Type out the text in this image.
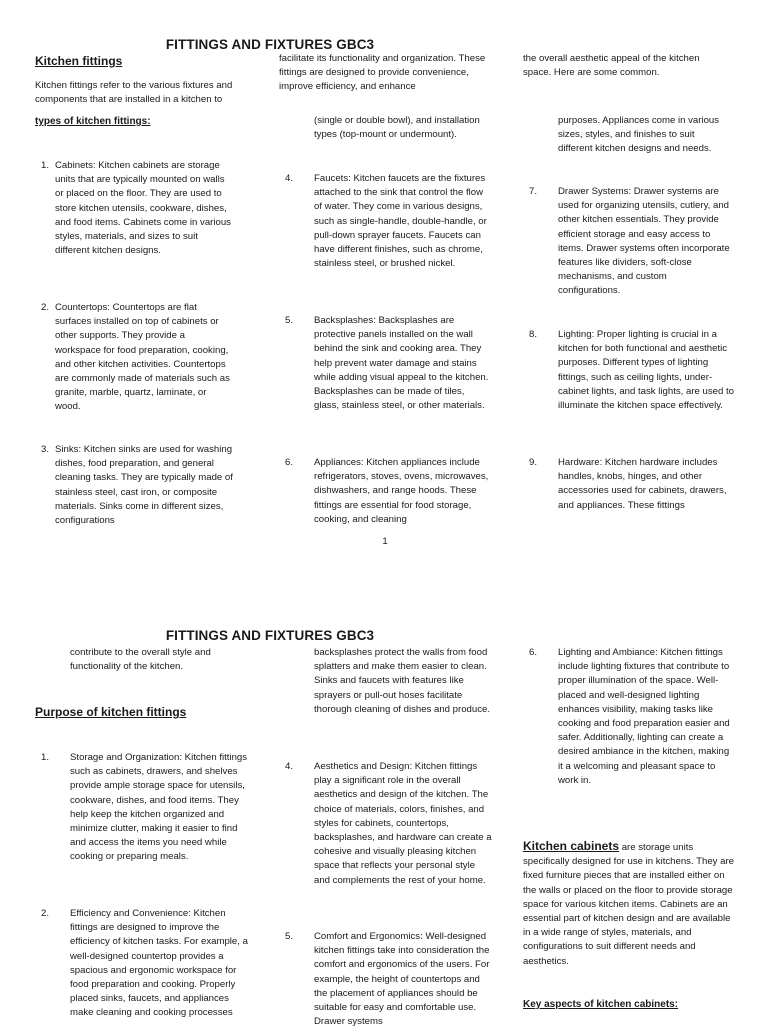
FITTINGS AND FIXTURES GBC3
Kitchen fittings
Kitchen fittings refer to the various fixtures and components that are installed in a kitchen to
types of kitchen fittings:
1. Cabinets: Kitchen cabinets are storage units that are typically mounted on walls or placed on the floor. They are used to store kitchen utensils, cookware, dishes, and food items. Cabinets come in various styles, materials, and sizes to suit different kitchen designs.
2. Countertops: Countertops are flat surfaces installed on top of cabinets or other supports. They provide a workspace for food preparation, cooking, and other kitchen activities. Countertops are commonly made of materials such as granite, marble, quartz, laminate, or wood.
3. Sinks: Kitchen sinks are used for washing dishes, food preparation, and general cleaning tasks. They are typically made of stainless steel, cast iron, or composite materials. Sinks come in different sizes, configurations
facilitate its functionality and organization. These fittings are designed to provide convenience, improve efficiency, and enhance
(single or double bowl), and installation types (top-mount or undermount).
4. Faucets: Kitchen faucets are the fixtures attached to the sink that control the flow of water. They come in various designs, such as single-handle, double-handle, or pull-down sprayer faucets. Faucets can have different finishes, such as chrome, stainless steel, or brushed nickel.
5. Backsplashes: Backsplashes are protective panels installed on the wall behind the sink and cooking area. They help prevent water damage and stains while adding visual appeal to the kitchen. Backsplashes can be made of tiles, glass, stainless steel, or other materials.
6. Appliances: Kitchen appliances include refrigerators, stoves, ovens, microwaves, dishwashers, and range hoods. These fittings are essential for food storage, cooking, and cleaning
the overall aesthetic appeal of the kitchen space. Here are some common.
purposes. Appliances come in various sizes, styles, and finishes to suit different kitchen designs and needs.
7. Drawer Systems: Drawer systems are used for organizing utensils, cutlery, and other kitchen essentials. They provide efficient storage and easy access to items. Drawer systems often incorporate features like dividers, soft-close mechanisms, and custom configurations.
8. Lighting: Proper lighting is crucial in a kitchen for both functional and aesthetic purposes. Different types of lighting fittings, such as ceiling lights, under-cabinet lights, and task lights, are used to illuminate the kitchen space effectively.
9. Hardware: Kitchen hardware includes handles, knobs, hinges, and other accessories used for cabinets, drawers, and appliances. These fittings
1
FITTINGS AND FIXTURES GBC3
contribute to the overall style and functionality of the kitchen.
Purpose of kitchen fittings
1. Storage and Organization: Kitchen fittings such as cabinets, drawers, and shelves provide ample storage space for utensils, cookware, dishes, and food items. They help keep the kitchen organized and minimize clutter, making it easier to find and access the items you need while cooking or preparing meals.
2. Efficiency and Convenience: Kitchen fittings are designed to improve the efficiency of kitchen tasks. For example, a well-designed countertop provides a spacious and ergonomic workspace for food preparation and cooking. Properly placed sinks, faucets, and appliances make cleaning and cooking processes
backsplashes protect the walls from food splatters and make them easier to clean. Sinks and faucets with features like sprayers or pull-out hoses facilitate thorough cleaning of dishes and produce.
4. Aesthetics and Design: Kitchen fittings play a significant role in the overall aesthetics and design of the kitchen. The choice of materials, colors, finishes, and styles for cabinets, countertops, backsplashes, and hardware can create a cohesive and visually pleasing kitchen space that reflects your personal style and complements the rest of your home.
5. Comfort and Ergonomics: Well-designed kitchen fittings take into consideration the comfort and ergonomics of the users. For example, the height of countertops and the placement of appliances should be suitable for easy and comfortable use. Drawer systems
6. Lighting and Ambiance: Kitchen fittings include lighting fixtures that contribute to proper illumination of the space. Well-placed and well-designed lighting enhances visibility, making tasks like cooking and food preparation easier and safer. Additionally, lighting can create a desired ambiance in the kitchen, making it a welcoming and pleasant space to work in.
Kitchen cabinets are storage units specifically designed for use in kitchens. They are fixed furniture pieces that are installed either on the walls or placed on the floor to provide storage space for various kitchen items. Cabinets are an essential part of kitchen design and are available in a wide range of styles, materials, and configurations to suit different needs and aesthetics.
Key aspects of kitchen cabinets:
